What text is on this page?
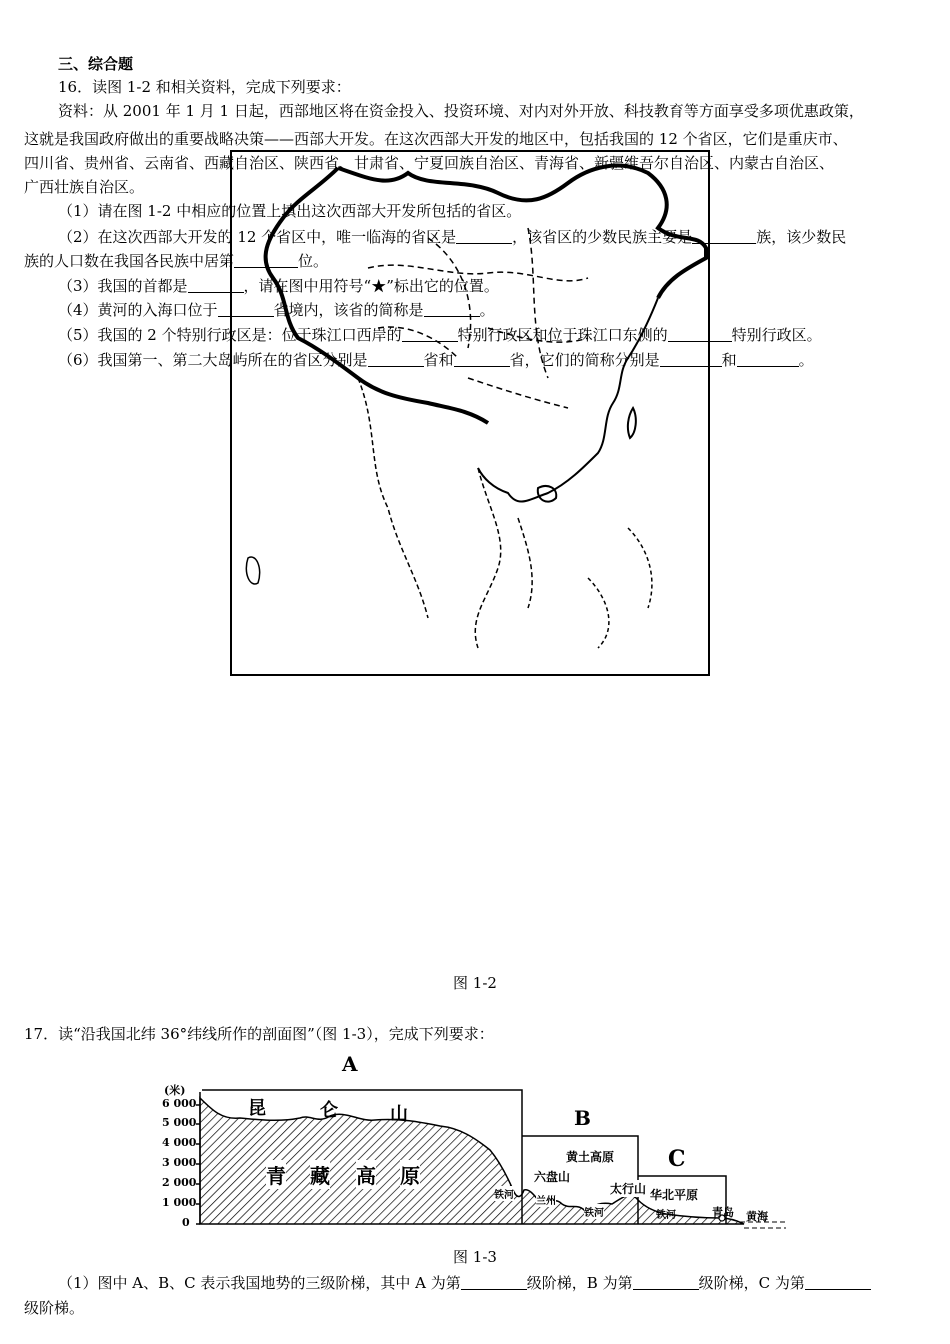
三、综合题
16．读图 1-2 和相关资料，完成下列要求：
资料：从 2001 年 1 月 1 日起，西部地区将在资金投入、投资环境、对内对外开放、科技教育等方面享受多项优惠政策，
这就是我国政府做出的重要战略决策——西部大开发。在这次西部大开发的地区中，包括我国的 12 个省区，它们是重庆市、
四川省、贵州省、云南省、西藏自治区、陕西省、甘肃省、宁夏回族自治区、青海省、新疆维吾尔自治区、内蒙古自治区、
广西壮族自治区。
（1）请在图 1-2 中相应的位置上填出这次西部大开发所包括的省区。
（2）在这次西部大开发的 12 个省区中，唯一临海的省区是	，该省区的少数民族主要是	族，该少数民
族的人口数在我国各民族中居第	位。
（3）我国的首都是	，请在图中用符号“★”标出它的位置。
（4）黄河的入海口位于	省境内，该省的简称是	。
（5）我国的 2 个特别行政区是：位于珠江口西岸的	特别行政区和位于珠江口东侧的	特别行政区。
（6）我国第一、第二大岛屿所在的省区分别是	省和	省，它们的简称分别是	和	。
图 1-2
17．读“沿我国北纬 36°纬线所作的剖面图”（图 1-3），完成下列要求：
(米)
6 000
5 000
4 000
3 000
2 000
1 000
0
A
B
C
昆	仑	山
青 藏 高 原
黄土高原
六盘山
太行山 华北平原
铁河
兰州
铁河	铁河	青岛 黄海
图 1-3
（1）图中 A、B、C 表示我国地势的三级阶梯，其中 A 为第	级阶梯，B 为第	级阶梯，C 为第
级阶梯。
